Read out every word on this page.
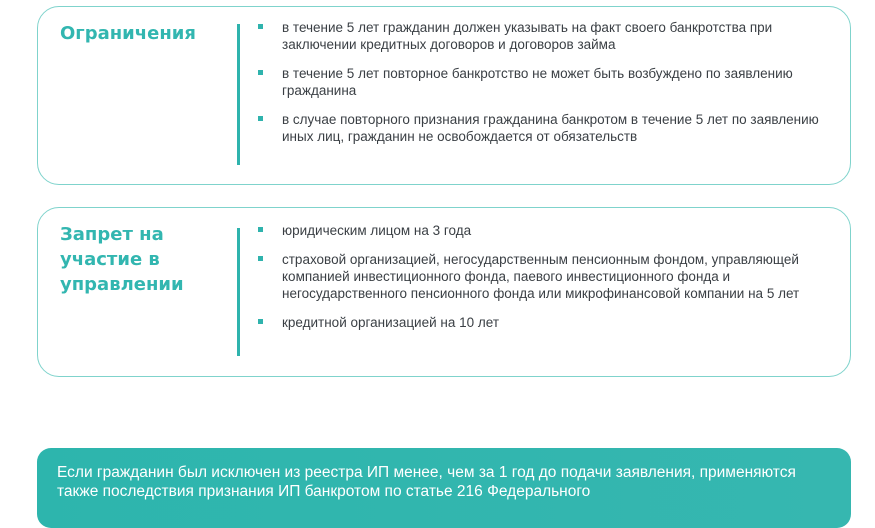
Ограничения	в течение 5 лет гражданин должен указывать на факт своего банкротства при заключении кредитных договоров и договоров займа
в течение 5 лет повторное банкротство не может быть возбуждено по заявлению гражданина
в случае повторного признания гражданина банкротом в течение 5 лет по заявлению иных лиц, гражданин не освобождается от обязательств
Запрет на участие в управлении
юридическим лицом на 3 года
страховой организацией, негосударственным пенсионным фондом, управляющей компанией инвестиционного фонда, паевого инвестиционного фонда и негосударственного пенсионного фонда или микрофинансовой компании на 5 лет
кредитной организацией на 10 лет
Если гражданин был исключен из реестра ИП менее, чем за 1 год до подачи заявления, применяются также последствия признания ИП банкротом по статье 216 Федерального
